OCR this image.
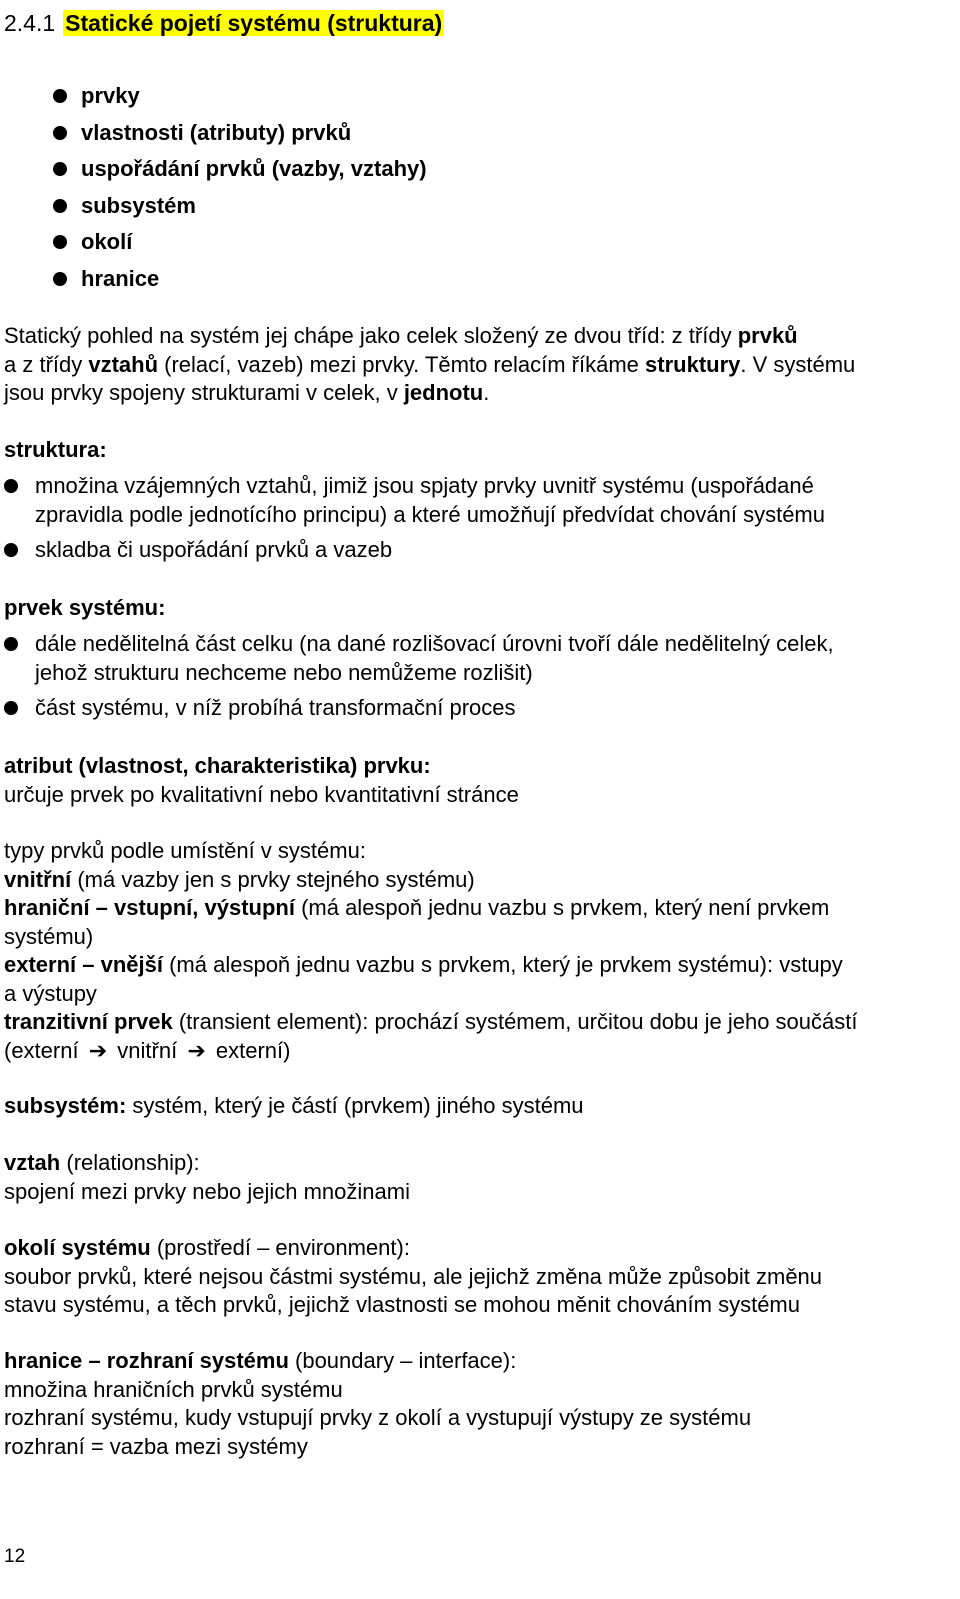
2.4.1 Statické pojetí systému (struktura)
prvky
vlastnosti (atributy) prvků
uspořádání prvků (vazby, vztahy)
subsystém
okolí
hranice
Statický pohled na systém jej chápe jako celek složený ze dvou tříd: z třídy prvků
a z třídy vztahů (relací, vazeb) mezi prvky. Těmto relacím říkáme struktury. V systému
jsou prvky spojeny strukturami v celek, v jednotu.
struktura:
množina vzájemných vztahů, jimiž jsou spjaty prvky uvnitř systému (uspořádané
zpravidla podle jednotícího principu) a které umožňují předvídat chování systému
skladba či uspořádání prvků a vazeb
prvek systému:
dále nedělitelná část celku (na dané rozlišovací úrovni tvoří dále nedělitelný celek,
jehož strukturu nechceme nebo nemůžeme rozlišit)
část systému, v níž probíhá transformační proces
atribut (vlastnost, charakteristika) prvku:
určuje prvek po kvalitativní nebo kvantitativní stránce
typy prvků podle umístění v systému:
vnitřní (má vazby jen s prvky stejného systému)
hraniční – vstupní, výstupní (má alespoň jednu vazbu s prvkem, který není prvkem
systému)
externí – vnější (má alespoň jednu vazbu s prvkem, který je prvkem systému): vstupy
a výstupy
tranzitivní prvek (transient element): prochází systémem, určitou dobu je jeho součástí
(externí ➔ vnitřní ➔ externí)
subsystém: systém, který je částí (prvkem) jiného systému
vztah (relationship):
spojení mezi prvky nebo jejich množinami
okolí systému (prostředí – environment):
soubor prvků, které nejsou částmi systému, ale jejichž změna může způsobit změnu
stavu systému, a těch prvků, jejichž vlastnosti se mohou měnit chováním systému
hranice – rozhraní systému (boundary – interface):
množina hraničních prvků systému
rozhraní systému, kudy vstupují prvky z okolí a vystupují výstupy ze systému
rozhraní = vazba mezi systémy
12
